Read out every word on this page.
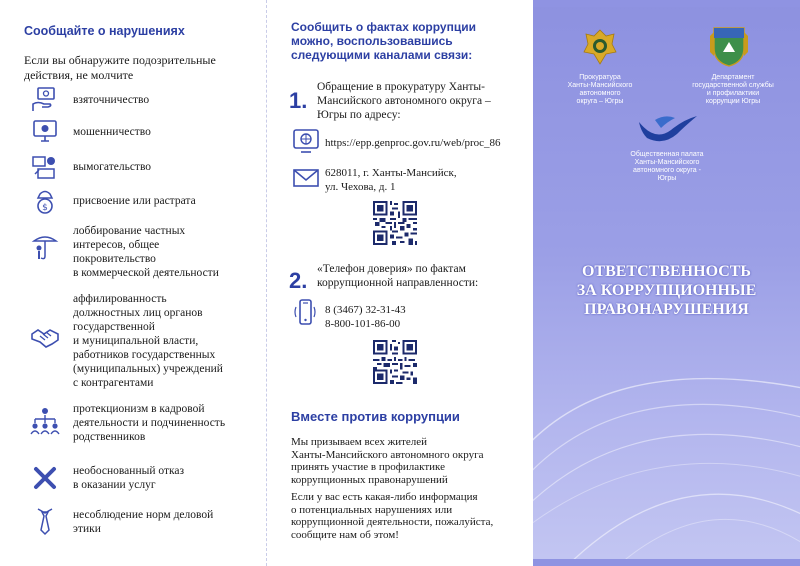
Сообщайте о нарушениях
Если вы обнаружите подозрительные
действия, не молчите
взяточничество
мошенничество
вымогательство
$
присвоение или растрата
лоббирование частных
интересов, общее
покровительство
в коммерческой деятельности
аффилированность
должностных лиц органов
государственной
и муниципальной власти,
работников государственных
(муниципальных) учреждений
с контрагентами
протекционизм в кадровой
деятельности и подчиненность
родственников
необоснованный отказ
в оказании услуг
несоблюдение норм деловой
этики
Сообщить о фактах коррупции
можно, воспользовавшись
следующими каналами связи:
1.
Обращение в прокуратуру Ханты-
Мансийского автономного округа –
Югры по адресу:
https://epp.genproc.gov.ru/web/proc_86
628011, г. Ханты-Мансийск,
ул. Чехова, д. 1
2. «Телефон доверия» по фактам
коррупционной направленности:
8 (3467) 32-31-43
8-800-101-86-00
Вместе против коррупции
Мы призываем всех жителей
Ханты-Мансийского автономного округа
принять участие в профилактике
коррупционных правонарушений
Если у вас есть какая-либо информация
о потенциальных нарушениях или
коррупционной деятельности, пожалуйста,
сообщите нам об этом!
Прокуратура
Ханты-Мансийского
автономного
округа – Югры
Департамент
государственной службы
и профилактики
коррупции Югры
Общественная палата
Ханты-Мансийского
автономного округа -
Югры
ОТВЕТСТВЕННОСТЬ
ЗА КОРРУПЦИОННЫЕ
ПРАВОНАРУШЕНИЯ
